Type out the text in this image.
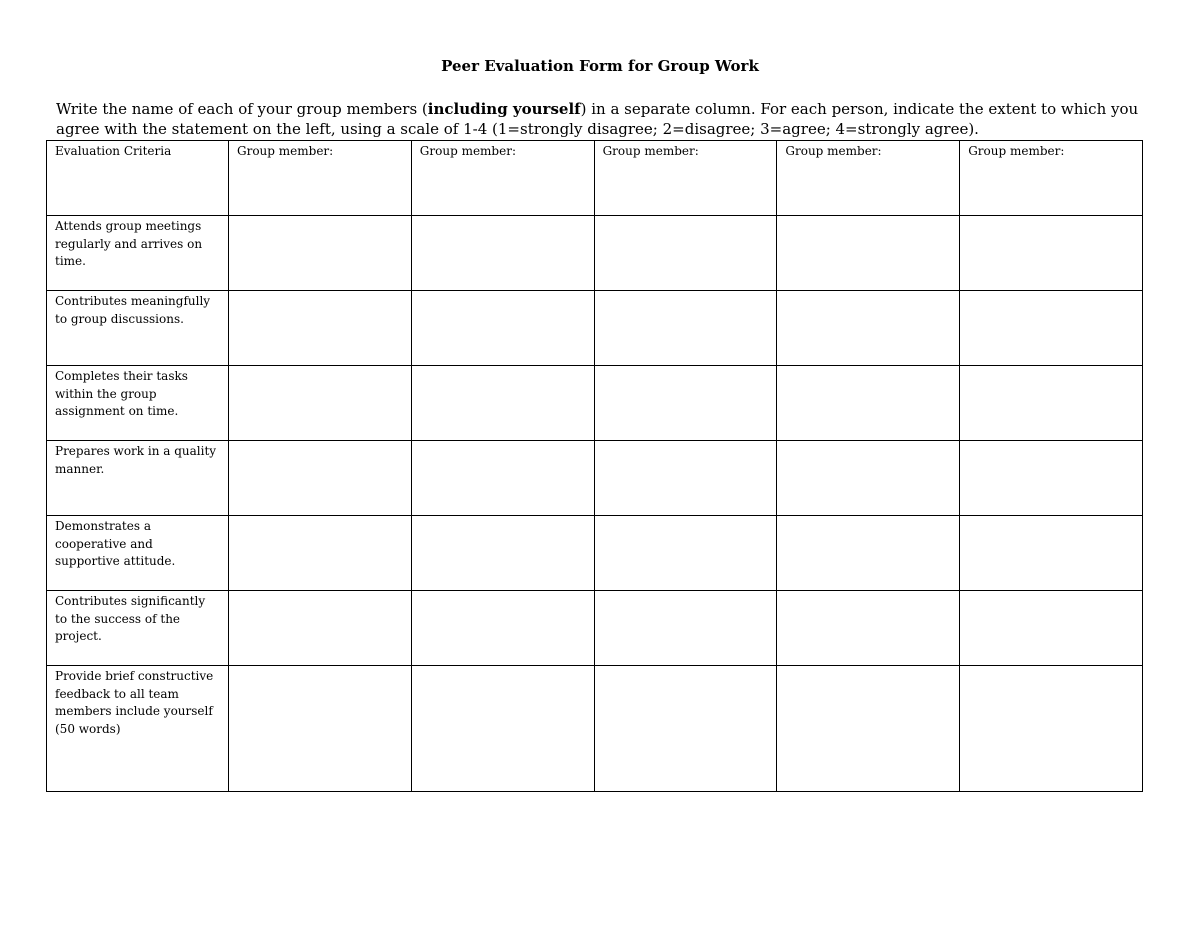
Peer Evaluation Form for Group Work
Write the name of each of your group members (including yourself) in a separate column. For each person, indicate the extent to which you
agree with the statement on the left, using a scale of 1-4 (1=strongly disagree; 2=disagree; 3=agree; 4=strongly agree).
Evaluation Criteria	Group member:	Group member:	Group member:	Group member:	Group member:
Attends group meetings regularly and arrives on time.					
Contributes meaningfully to group discussions.					
Completes their tasks within the group assignment on time.					
Prepares work in a quality manner.					
Demonstrates a cooperative and supportive attitude.					
Contributes significantly to the success of the project.					
Provide brief constructive feedback to all team members include yourself (50 words)					
